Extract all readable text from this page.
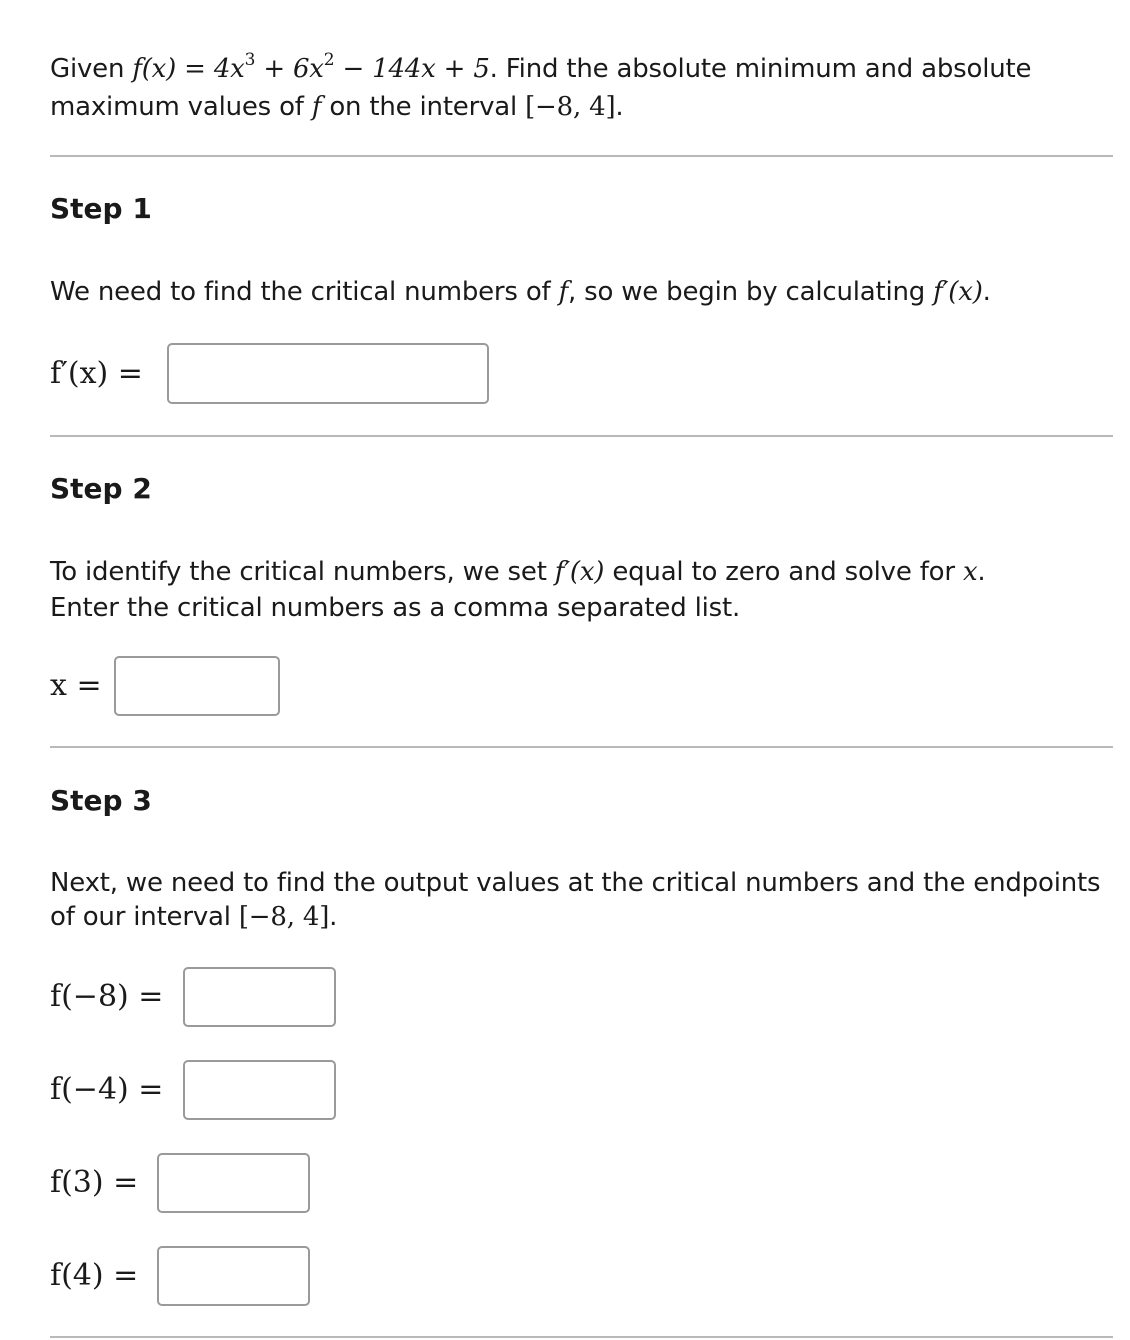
Given $f(x) = 4x^3 + 6x^2 - 144x + 5$. Find the absolute minimum and absolute maximum values of f on the interval [−8, 4].
Step 1
We need to find the critical numbers of f, so we begin by calculating f′(x).
f′(x) =
Step 2
To identify the critical numbers, we set f′(x) equal to zero and solve for x.
Enter the critical numbers as a comma separated list.
x =
Step 3
Next, we need to find the output values at the critical numbers and the endpoints of our interval [−8, 4].
f(−8) =
f(−4) =
f(3) =
f(4) =
